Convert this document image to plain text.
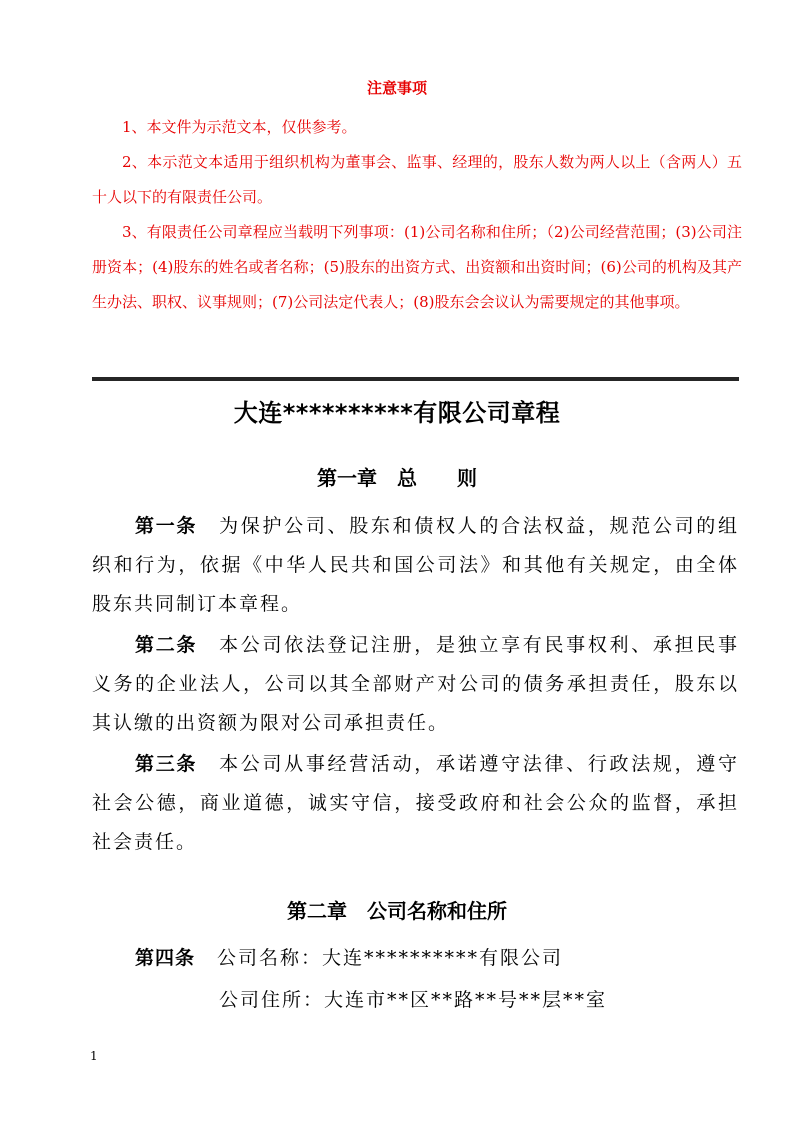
注意事项
1、本文件为示范文本，仅供参考。
2、本示范文本适用于组织机构为董事会、监事、经理的，股东人数为两人以上（含两人）五十人以下的有限责任公司。
3、有限责任公司章程应当载明下列事项：(1)公司名称和住所；（2)公司经营范围；(3)公司注册资本；(4)股东的姓名或者名称；(5)股东的出资方式、出资额和出资时间；(6)公司的机构及其产生办法、职权、议事规则；(7)公司法定代表人；(8)股东会会议认为需要规定的其他事项。
大连**********有限公司章程
第一章　总　　则
第一条 为保护公司、股东和债权人的合法权益，规范公司的组织和行为，依据《中华人民共和国公司法》和其他有关规定，由全体股东共同制订本章程。
第二条 本公司依法登记注册，是独立享有民事权利、承担民事义务的企业法人，公司以其全部财产对公司的债务承担责任，股东以其认缴的出资额为限对公司承担责任。
第三条 本公司从事经营活动，承诺遵守法律、行政法规，遵守社会公德，商业道德，诚实守信，接受政府和社会公众的监督，承担社会责任。
第二章　公司名称和住所
第四条 公司名称：大连**********有限公司
公司住所：大连市**区**路**号**层**室
1
